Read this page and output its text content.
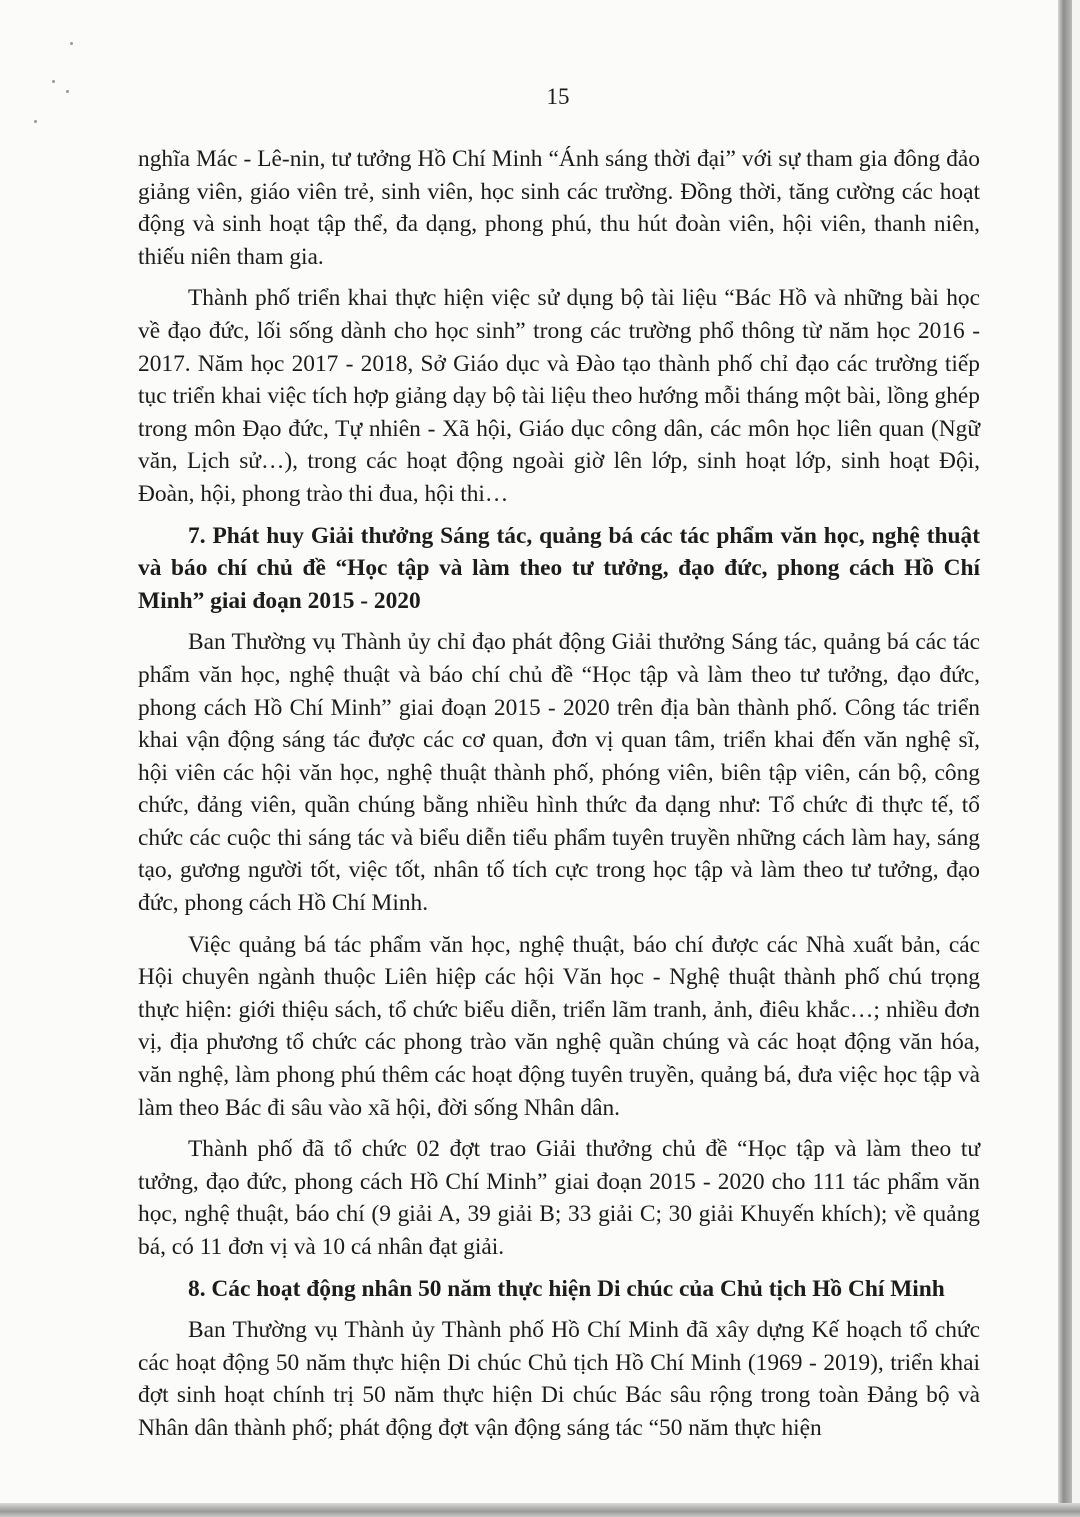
15

nghĩa Mác - Lê-nin, tư tưởng Hồ Chí Minh “Ánh sáng thời đại” với sự tham gia đông đảo giảng viên, giáo viên trẻ, sinh viên, học sinh các trường. Đồng thời, tăng cường các hoạt động và sinh hoạt tập thể, đa dạng, phong phú, thu hút đoàn viên, hội viên, thanh niên, thiếu niên tham gia.

Thành phố triển khai thực hiện việc sử dụng bộ tài liệu “Bác Hồ và những bài học về đạo đức, lối sống dành cho học sinh” trong các trường phổ thông từ năm học 2016 - 2017. Năm học 2017 - 2018, Sở Giáo dục và Đào tạo thành phố chỉ đạo các trường tiếp tục triển khai việc tích hợp giảng dạy bộ tài liệu theo hướng mỗi tháng một bài, lồng ghép trong môn Đạo đức, Tự nhiên - Xã hội, Giáo dục công dân, các môn học liên quan (Ngữ văn, Lịch sử…), trong các hoạt động ngoài giờ lên lớp, sinh hoạt lớp, sinh hoạt Đội, Đoàn, hội, phong trào thi đua, hội thi…

7. Phát huy Giải thưởng Sáng tác, quảng bá các tác phẩm văn học, nghệ thuật và báo chí chủ đề “Học tập và làm theo tư tưởng, đạo đức, phong cách Hồ Chí Minh” giai đoạn 2015 - 2020

Ban Thường vụ Thành ủy chỉ đạo phát động Giải thưởng Sáng tác, quảng bá các tác phẩm văn học, nghệ thuật và báo chí chủ đề “Học tập và làm theo tư tưởng, đạo đức, phong cách Hồ Chí Minh” giai đoạn 2015 - 2020 trên địa bàn thành phố. Công tác triển khai vận động sáng tác được các cơ quan, đơn vị quan tâm, triển khai đến văn nghệ sĩ, hội viên các hội văn học, nghệ thuật thành phố, phóng viên, biên tập viên, cán bộ, công chức, đảng viên, quần chúng bằng nhiều hình thức đa dạng như: Tổ chức đi thực tế, tổ chức các cuộc thi sáng tác và biểu diễn tiểu phẩm tuyên truyền những cách làm hay, sáng tạo, gương người tốt, việc tốt, nhân tố tích cực trong học tập và làm theo tư tưởng, đạo đức, phong cách Hồ Chí Minh.

Việc quảng bá tác phẩm văn học, nghệ thuật, báo chí được các Nhà xuất bản, các Hội chuyên ngành thuộc Liên hiệp các hội Văn học - Nghệ thuật thành phố chú trọng thực hiện: giới thiệu sách, tổ chức biểu diễn, triển lãm tranh, ảnh, điêu khắc…; nhiều đơn vị, địa phương tổ chức các phong trào văn nghệ quần chúng và các hoạt động văn hóa, văn nghệ, làm phong phú thêm các hoạt động tuyên truyền, quảng bá, đưa việc học tập và làm theo Bác đi sâu vào xã hội, đời sống Nhân dân.

Thành phố đã tổ chức 02 đợt trao Giải thưởng chủ đề “Học tập và làm theo tư tưởng, đạo đức, phong cách Hồ Chí Minh” giai đoạn 2015 - 2020 cho 111 tác phẩm văn học, nghệ thuật, báo chí (9 giải A, 39 giải B; 33 giải C; 30 giải Khuyến khích); về quảng bá, có 11 đơn vị và 10 cá nhân đạt giải.

8. Các hoạt động nhân 50 năm thực hiện Di chúc của Chủ tịch Hồ Chí Minh

Ban Thường vụ Thành ủy Thành phố Hồ Chí Minh đã xây dựng Kế hoạch tổ chức các hoạt động 50 năm thực hiện Di chúc Chủ tịch Hồ Chí Minh (1969 - 2019), triển khai đợt sinh hoạt chính trị 50 năm thực hiện Di chúc Bác sâu rộng trong toàn Đảng bộ và Nhân dân thành phố; phát động đợt vận động sáng tác “50 năm thực hiện
